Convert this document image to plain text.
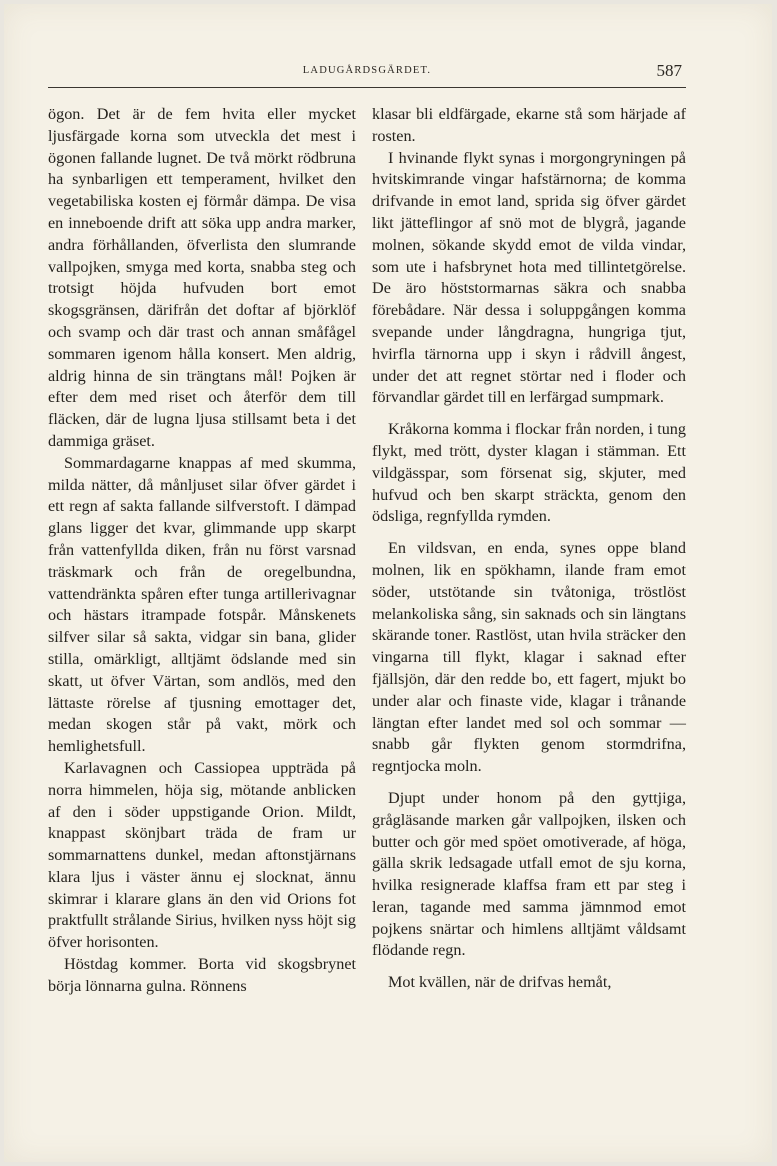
LADUGÅRDSGÄRDET.	587

ögon. Det är de fem hvita eller mycket ljusfärgade korna som utveckla det mest i ögonen fallande lugnet. De två mörkt rödbruna ha synbarligen ett temperament, hvilket den vegetabiliska kosten ej förmår dämpa. De visa en inneboende drift att söka upp andra marker, andra förhållanden, öfverlista den slumrande vallpojken, smyga med korta, snabba steg och trotsigt höjda hufvuden bort emot skogsgränsen, därifrån det doftar af björklöf och svamp och där trast och annan småfågel sommaren igenom hålla konsert. Men aldrig, aldrig hinna de sin trängtans mål! Pojken är efter dem med riset och återför dem till fläcken, där de lugna ljusa stillsamt beta i det dammiga gräset.

Sommardagarne knappas af med skumma, milda nätter, då månljuset silar öfver gärdet i ett regn af sakta fallande silfverstoft. I dämpad glans ligger det kvar, glimmande upp skarpt från vattenfyllda diken, från nu först varsnad träskmark och från de oregelbundna, vattendränkta spåren efter tunga artillerivagnar och hästars itrampade fotspår. Månskenets silfver silar så sakta, vidgar sin bana, glider stilla, omärkligt, alltjämt ödslande med sin skatt, ut öfver Värtan, som andlös, med den lättaste rörelse af tjusning emottager det, medan skogen står på vakt, mörk och hemlighetsfull.

Karlavagnen och Cassiopea uppträda på norra himmelen, höja sig, mötande anblicken af den i söder uppstigande Orion. Mildt, knappast skönjbart träda de fram ur sommarnattens dunkel, medan aftonstjärnans klara ljus i väster ännu ej slocknat, ännu skimrar i klarare glans än den vid Orions fot praktfullt strålande Sirius, hvilken nyss höjt sig öfver horisonten.

Höstdag kommer. Borta vid skogsbrynet börja lönnarna gulna. Rönnens

klasar bli eldfärgade, ekarne stå som härjade af rosten.

I hvinande flykt synas i morgongryningen på hvitskimrande vingar hafstärnorna; de komma drifvande in emot land, sprida sig öfver gärdet likt jätteflingor af snö mot de blygrå, jagande molnen, sökande skydd emot de vilda vindar, som ute i hafsbrynet hota med tillintetgörelse. De äro höststormarnas säkra och snabba förebådare. När dessa i soluppgången komma svepande under långdragna, hungriga tjut, hvirfla tärnorna upp i skyn i rådvill ångest, under det att regnet störtar ned i floder och förvandlar gärdet till en lerfärgad sumpmark.

Kråkorna komma i flockar från norden, i tung flykt, med trött, dyster klagan i stämman. Ett vildgässpar, som försenat sig, skjuter, med hufvud och ben skarpt sträckta, genom den ödsliga, regnfyllda rymden.

En vildsvan, en enda, synes oppe bland molnen, lik en spökhamn, ilande fram emot söder, utstötande sin tvåtoniga, tröstlöst melankoliska sång, sin saknads och sin längtans skärande toner. Rastlöst, utan hvila sträcker den vingarna till flykt, klagar i saknad efter fjällsjön, där den redde bo, ett fagert, mjukt bo under alar och finaste vide, klagar i trånande längtan efter landet med sol och sommar — snabb går flykten genom stormdrifna, regntjocka moln.

Djupt under honom på den gyttjiga, grågläsande marken går vallpojken, ilsken och butter och gör med spöet omotiverade, af höga, gälla skrik ledsagade utfall emot de sju korna, hvilka resignerade klaffsa fram ett par steg i leran, tagande med samma jämnmod emot pojkens snärtar och himlens alltjämt våldsamt flödande regn.

Mot kvällen, när de drifvas hemåt,
